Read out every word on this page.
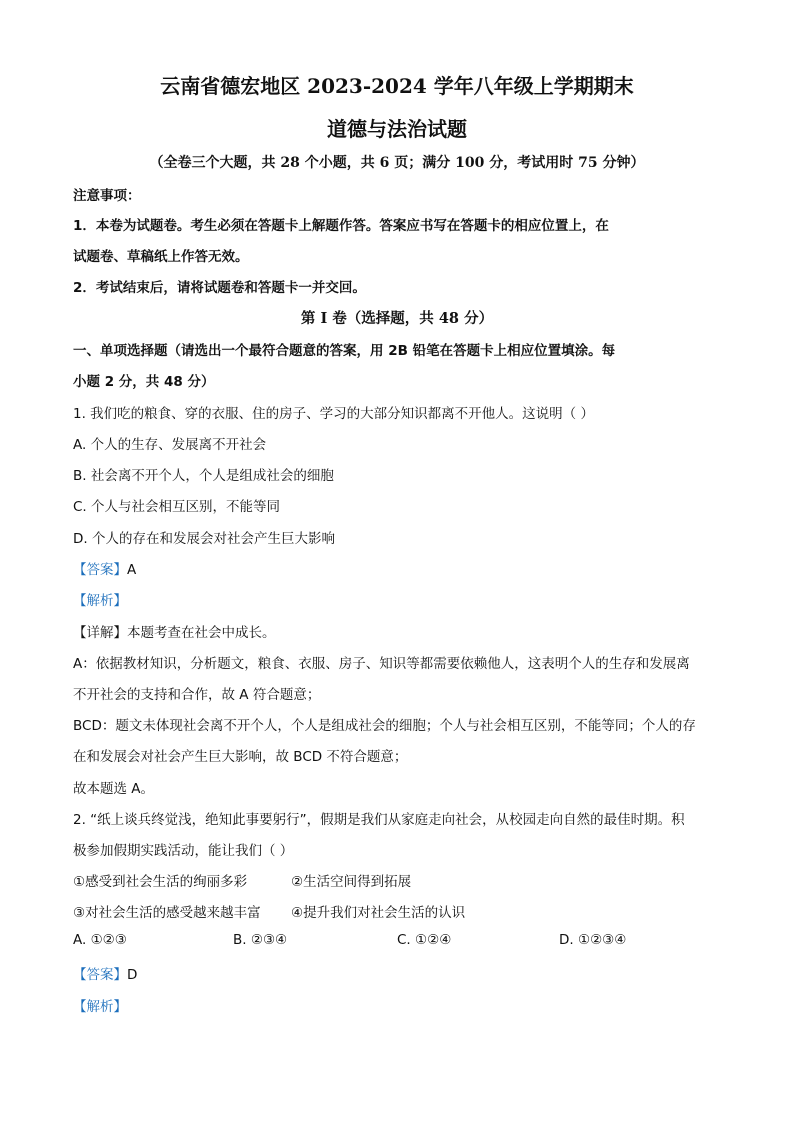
云南省德宏地区 2023-2024 学年八年级上学期期末
道德与法治试题
（全卷三个大题，共 28 个小题，共 6 页；满分 100 分，考试用时 75 分钟）
注意事项：
1．本卷为试题卷。考生必须在答题卡上解题作答。答案应书写在答题卡的相应位置上，在
试题卷、草稿纸上作答无效。
2．考试结束后，请将试题卷和答题卡一并交回。
第 I 卷（选择题，共 48 分）
一、单项选择题（请选出一个最符合题意的答案，用 2B 铅笔在答题卡上相应位置填涂。每
小题 2 分，共 48 分）
1. 我们吃的粮食、穿的衣服、住的房子、学习的大部分知识都离不开他人。这说明（ ）
A. 个人的生存、发展离不开社会
B. 社会离不开个人，个人是组成社会的细胞
C. 个人与社会相互区别，不能等同
D. 个人的存在和发展会对社会产生巨大影响
【答案】A
【解析】
【详解】本题考查在社会中成长。
A：依据教材知识，分析题文，粮食、衣服、房子、知识等都需要依赖他人，这表明个人的生存和发展离
不开社会的支持和合作，故 A 符合题意；
BCD：题文未体现社会离不开个人，个人是组成社会的细胞；个人与社会相互区别，不能等同；个人的存
在和发展会对社会产生巨大影响，故 BCD 不符合题意；
故本题选 A。
2. “纸上谈兵终觉浅，绝知此事要躬行”，假期是我们从家庭走向社会，从校园走向自然的最佳时期。积
极参加假期实践活动，能让我们（ ）
①感受到社会生活的绚丽多彩	②生活空间得到拓展
③对社会生活的感受越来越丰富 ④提升我们对社会生活的认识
A. ①②③	B. ②③④	C. ①②④	D. ①②③④
【答案】D
【解析】
